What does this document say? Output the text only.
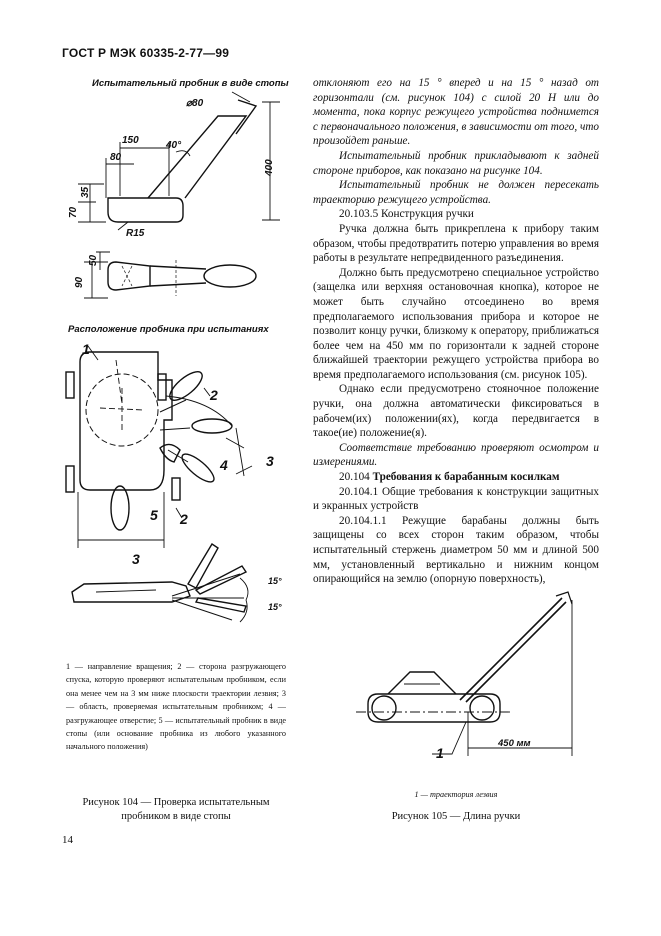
ГОСТ Р МЭК 60335-2-77—99
Испытательный пробник в виде стопы
⌀80
150
80
40°
400
35
70
R15
50
90
Расположение пробника при испытаниях
1
2
3
4
5 2
3
15°
15°
1 — направление вращения; 2 — сторона разгружающего спуска, которую проверяют испытательным пробником, если она менее чем на 3 мм ниже плоскости траектории лезвия; 3 — область, проверяемая испытательным пробником; 4 — разгружающее отверстие; 5 — испытательный пробник в виде стопы (или основание пробника из любого указанного начального положения)
Рисунок 104 — Проверка испытательным
пробником в виде стопы
14

отклоняют его на 15 ° вперед и на 15 ° назад от горизонтали (см. рисунок 104) с силой 20 Н или до момента, пока корпус режущего устройства поднимется с первоначального положения, в зависимости от того, что произойдет раньше.

Испытательный пробник прикладывают к задней стороне приборов, как показано на рисунке 104.

Испытательный пробник не должен пересекать траекторию режущего устройства.

20.103.5 Конструкция ручки

Ручка должна быть прикреплена к прибору таким образом, чтобы предотвратить потерю управления во время работы в результате непредвиденного разъединения.

Должно быть предусмотрено специальное устройство (защелка или верхняя остановочная кнопка), которое не может быть случайно отсоединено во время предполагаемого использования прибора и которое не позволит концу ручки, близкому к оператору, приближаться более чем на 450 мм по горизонтали к задней стороне ближайшей траектории режущего устройства прибора во время предполагаемого использования (см. рисунок 105).

Однако если предусмотрено стояночное положение ручки, она должна автоматически фиксироваться в рабочем(их) положении(ях), когда передвигается в такое(ие) положение(я).

Соответствие требованию проверяют осмотром и измерениями.

20.104 Требования к барабанным косилкам

20.104.1 Общие требования к конструкции защитных и экранных устройств

20.104.1.1 Режущие барабаны должны быть защищены со всех сторон таким образом, чтобы испытательный стержень диаметром 50 мм и длиной 500 мм, установленный вертикально и нижним концом опирающийся на землю (опорную поверхность),

450 мм
1
1 — траектория лезвия
Рисунок 105 — Длина ручки
